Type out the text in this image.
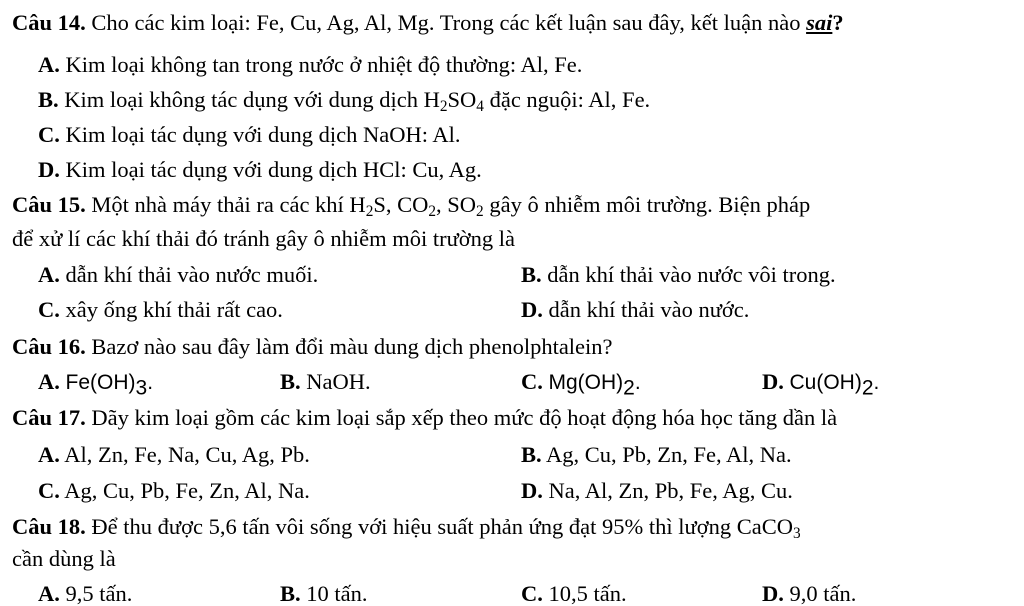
Câu 14. Cho các kim loại: Fe, Cu, Ag, Al, Mg. Trong các kết luận sau đây, kết luận nào sai?
A. Kim loại không tan trong nước ở nhiệt độ thường: Al, Fe.
B. Kim loại không tác dụng với dung dịch $H_2SO_4$ đặc nguội: Al, Fe.
C. Kim loại tác dụng với dung dịch NaOH: Al.
D. Kim loại tác dụng với dung dịch HCl: Cu, Ag.
Câu 15. Một nhà máy thải ra các khí $H_2S$, $CO_2$, $SO_2$ gây ô nhiễm môi trường. Biện pháp
để xử lí các khí thải đó tránh gây ô nhiễm môi trường là
A. dẫn khí thải vào nước muối.	B. dẫn khí thải vào nước vôi trong.
C. xây ống khí thải rất cao.	D. dẫn khí thải vào nước.
Câu 16. Bazơ nào sau đây làm đổi màu dung dịch phenolphtalein?
A. $Fe(OH)_3$.	B. NaOH.	C. $Mg(OH)_2$.	D. $Cu(OH)_2$.
Câu 17. Dãy kim loại gồm các kim loại sắp xếp theo mức độ hoạt động hóa học tăng dần là
A. Al, Zn, Fe, Na, Cu, Ag, Pb.	B. Ag, Cu, Pb, Zn, Fe, Al, Na.
C. Ag, Cu, Pb, Fe, Zn, Al, Na.	D. Na, Al, Zn, Pb, Fe, Ag, Cu.
Câu 18. Để thu được 5,6 tấn vôi sống với hiệu suất phản ứng đạt 95% thì lượng CaCO$_3$
cần dùng là
A. 9,5 tấn.	B. 10 tấn.	C. 10,5 tấn.	D. 9,0 tấn.
